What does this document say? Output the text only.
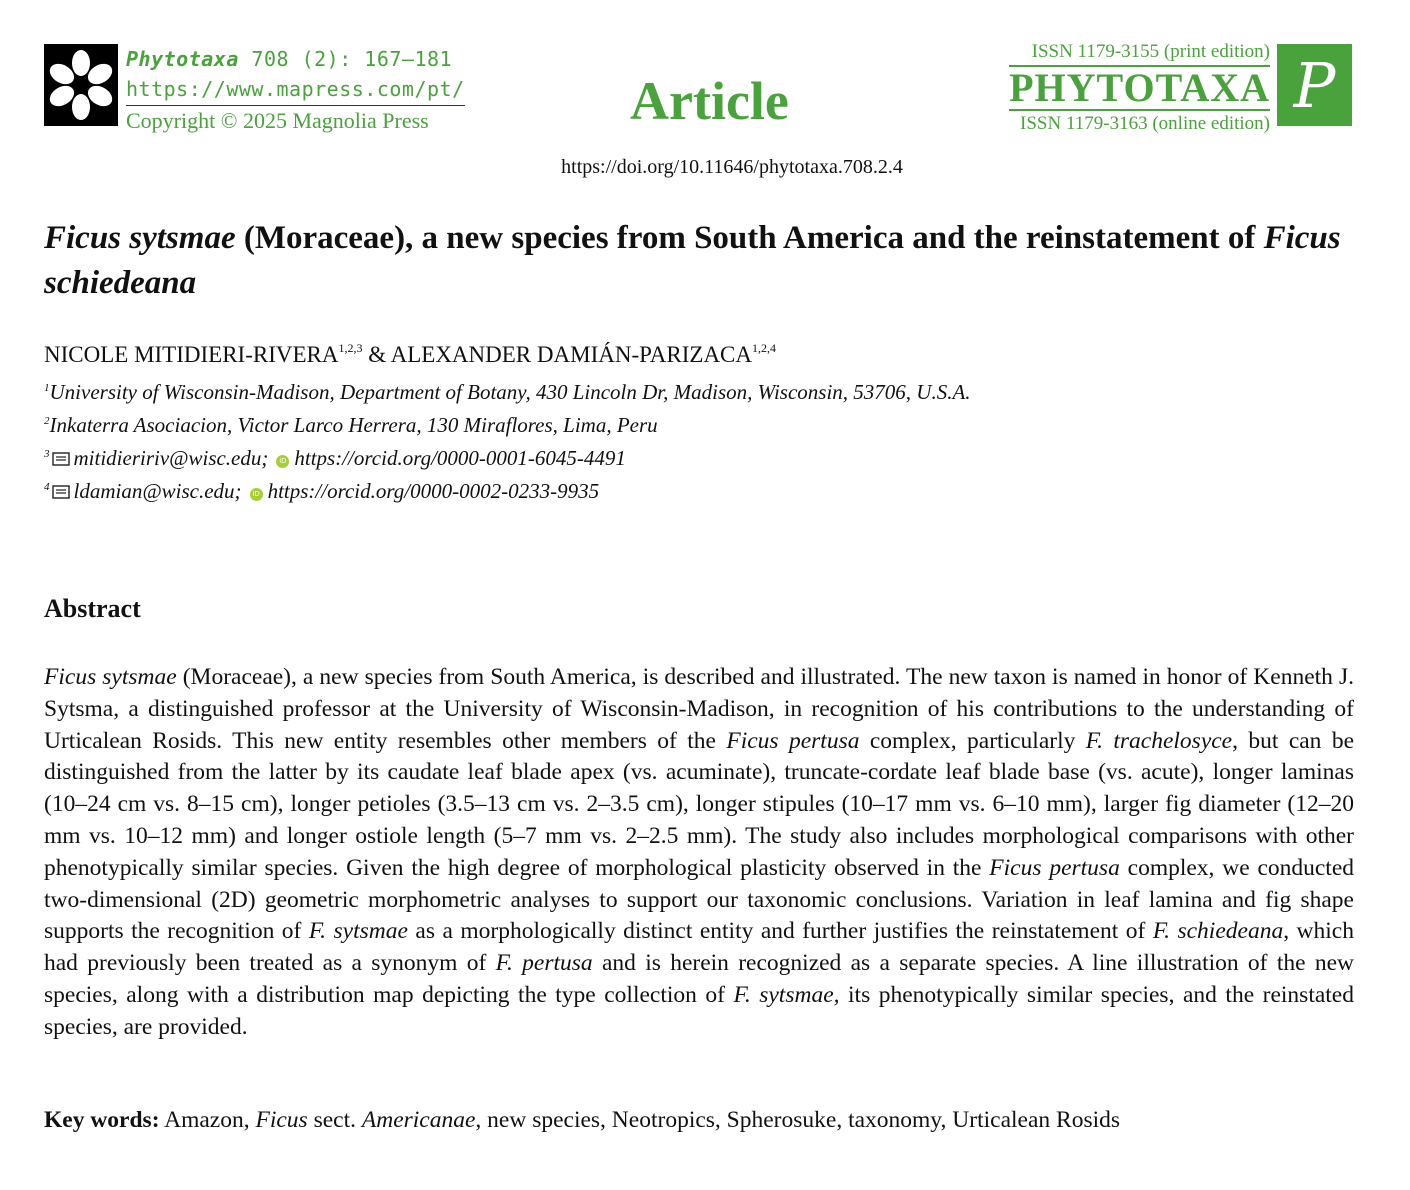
Phytotaxa 708 (2): 167–181
https://www.mapress.com/pt/
Copyright © 2025 Magnolia Press	Article
ISSN 1179-3155 (print edition)
PHYTOTAXA
ISSN 1179-3163 (online edition)
P
https://doi.org/10.11646/phytotaxa.708.2.4
Ficus sytsmae (Moraceae), a new species from South America and the reinstatement of Ficus schiedeana
NICOLE MITIDIERI-RIVERA$^{1,2,3}$ & ALEXANDER DAMIÁN-PARIZACA$^{1,2,4}$
$^1$University of Wisconsin-Madison, Department of Botany, 430 Lincoln Dr, Madison, Wisconsin, 53706, U.S.A.
$^2$Inkaterra Asociacion, Victor Larco Herrera, 130 Miraflores, Lima, Peru
$^3$ mitidieririv@wisc.edu; iD https://orcid.org/0000-0001-6045-4491
$^4$ ldamian@wisc.edu; iD https://orcid.org/0000-0002-0233-9935
Abstract

Ficus sytsmae (Moraceae), a new species from South America, is described and illustrated. The new taxon is named in honor of Kenneth J. Sytsma, a distinguished professor at the University of Wisconsin-Madison, in recognition of his contributions to the understanding of Urticalean Rosids. This new entity resembles other members of the Ficus pertusa complex, particularly F. trachelosyce, but can be distinguished from the latter by its caudate leaf blade apex (vs. acuminate), truncate-cordate leaf blade base (vs. acute), longer laminas (10–24 cm vs. 8–15 cm), longer petioles (3.5–13 cm vs. 2–3.5 cm), longer stipules (10–17 mm vs. 6–10 mm), larger fig diameter (12–20 mm vs. 10–12 mm) and longer ostiole length (5–7 mm vs. 2–2.5 mm). The study also includes morphological comparisons with other phenotypically similar species. Given the high degree of morphological plasticity observed in the Ficus pertusa complex, we conducted two-dimensional (2D) geometric morphometric analyses to support our taxonomic conclusions. Variation in leaf lamina and fig shape supports the recognition of F. sytsmae as a morphologically distinct entity and further justifies the reinstatement of F. schiedeana, which had previously been treated as a synonym of F. pertusa and is herein recognized as a separate species. A line illustration of the new species, along with a distribution map depicting the type collection of F. sytsmae, its phenotypically similar species, and the reinstated species, are provided.

Key words: Amazon, Ficus sect. Americanae, new species, Neotropics, Spherosuke, taxonomy, Urticalean Rosids
